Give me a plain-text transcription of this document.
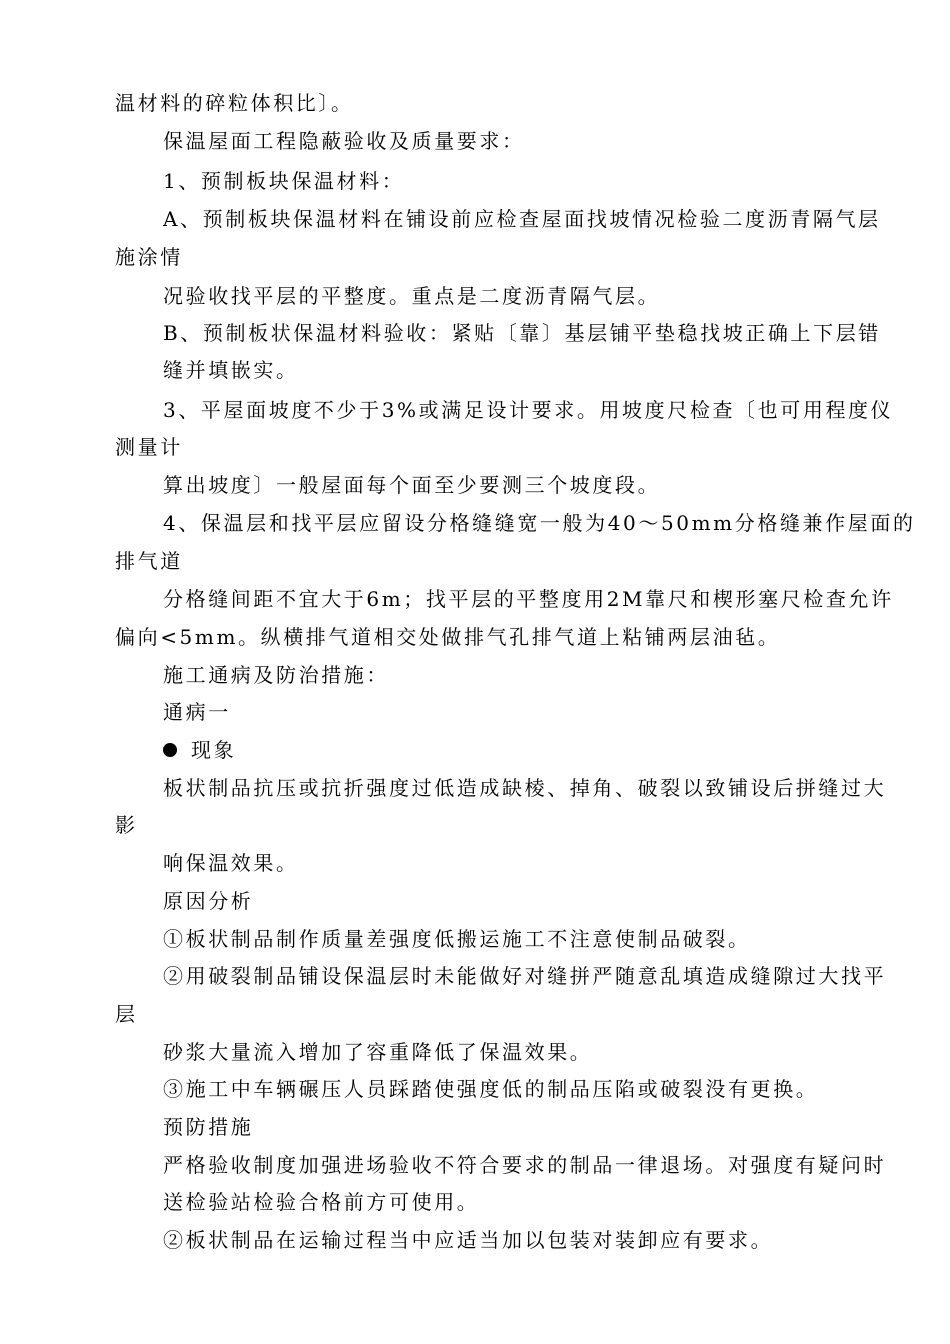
温材料的碎粒体积比〕。
保温屋面工程隐蔽验收及质量要求：
1、预制板块保温材料：
A、预制板块保温材料在铺设前应检查屋面找坡情况检验二度沥青隔气层
施涂情
况验收找平层的平整度。重点是二度沥青隔气层。
B、预制板状保温材料验收：紧贴〔靠〕基层铺平垫稳找坡正确上下层错
缝并填嵌实。
3、平屋面坡度不少于3%或满足设计要求。用坡度尺检查〔也可用程度仪
测量计
算出坡度〕一般屋面每个面至少要测三个坡度段。
4、保温层和找平层应留设分格缝缝宽一般为40～50mm分格缝兼作屋面的
排气道
分格缝间距不宜大于6m；找平层的平整度用2M靠尺和楔形塞尺检查允许
偏向<5mm。纵横排气道相交处做排气孔排气道上粘铺两层油毡。
施工通病及防治措施：
通病一
现象
板状制品抗压或抗折强度过低造成缺棱、掉角、破裂以致铺设后拼缝过大
影
响保温效果。
原因分析
①板状制品制作质量差强度低搬运施工不注意使制品破裂。
②用破裂制品铺设保温层时未能做好对缝拼严随意乱填造成缝隙过大找平
层
砂浆大量流入增加了容重降低了保温效果。
③施工中车辆碾压人员踩踏使强度低的制品压陷或破裂没有更换。
预防措施
严格验收制度加强进场验收不符合要求的制品一律退场。对强度有疑问时
送检验站检验合格前方可使用。
②板状制品在运输过程当中应适当加以包装对装卸应有要求。
